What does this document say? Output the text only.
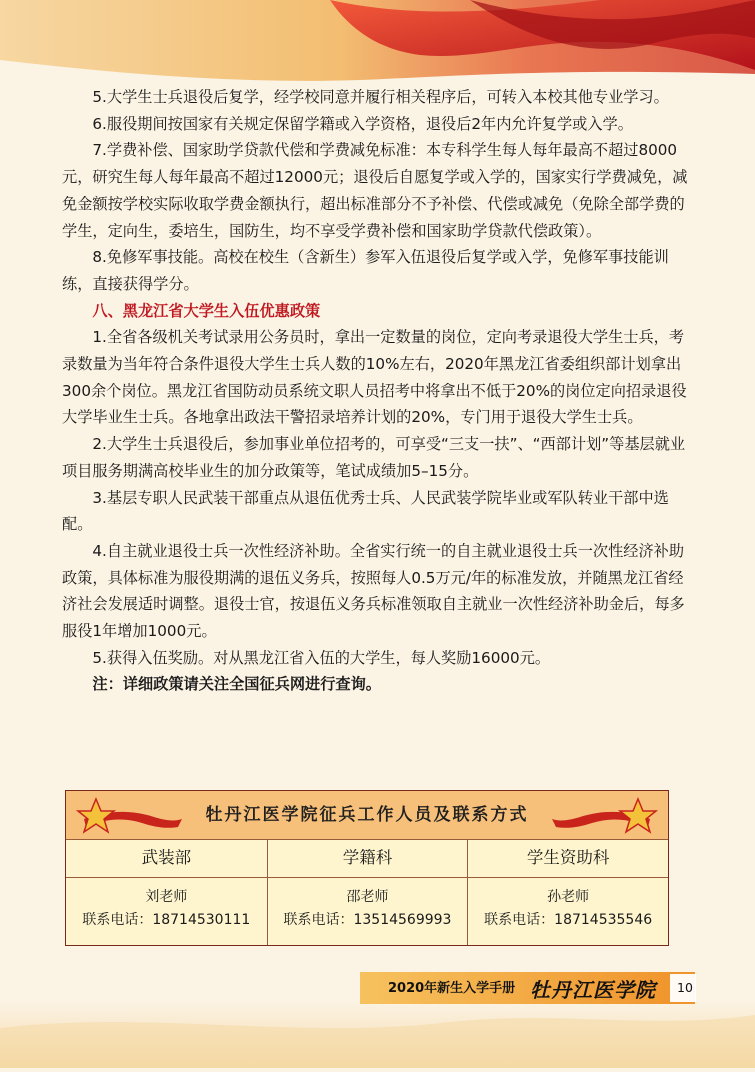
5.大学生士兵退役后复学，经学校同意并履行相关程序后，可转入本校其他专业学习。

6.服役期间按国家有关规定保留学籍或入学资格，退役后2年内允许复学或入学。

7.学费补偿、国家助学贷款代偿和学费减免标准：本专科学生每人每年最高不超过8000元，研究生每人每年最高不超过12000元；退役后自愿复学或入学的，国家实行学费减免，减免金额按学校实际收取学费金额执行，超出标准部分不予补偿、代偿或减免（免除全部学费的学生，定向生，委培生，国防生，均不享受学费补偿和国家助学贷款代偿政策）。

8.免修军事技能。高校在校生（含新生）参军入伍退役后复学或入学，免修军事技能训练，直接获得学分。

八、黑龙江省大学生入伍优惠政策

1.全省各级机关考试录用公务员时，拿出一定数量的岗位，定向考录退役大学生士兵，考录数量为当年符合条件退役大学生士兵人数的10%左右，2020年黑龙江省委组织部计划拿出300余个岗位。黑龙江省国防动员系统文职人员招考中将拿出不低于20%的岗位定向招录退役大学毕业生士兵。各地拿出政法干警招录培养计划的20%，专门用于退役大学生士兵。

2.大学生士兵退役后，参加事业单位招考的，可享受“三支一扶”、“西部计划”等基层就业项目服务期满高校毕业生的加分政策等，笔试成绩加5–15分。

3.基层专职人民武装干部重点从退伍优秀士兵、人民武装学院毕业或军队转业干部中选配。

4.自主就业退役士兵一次性经济补助。全省实行统一的自主就业退役士兵一次性经济补助政策，具体标准为服役期满的退伍义务兵，按照每人0.5万元/年的标准发放，并随黑龙江省经济社会发展适时调整。退役士官，按退伍义务兵标准领取自主就业一次性经济补助金后，每多服役1年增加1000元。

5.获得入伍奖励。对从黑龙江省入伍的大学生，每人奖励16000元。

注：详细政策请关注全国征兵网进行查询。

牡丹江医学院征兵工作人员及联系方式
武装部
刘老师
联系电话：18714530111
学籍科
邵老师
联系电话：13514569993
学生资助科
孙老师
联系电话：18714535546
2020年新生入学手册 牡丹江医学院 10
